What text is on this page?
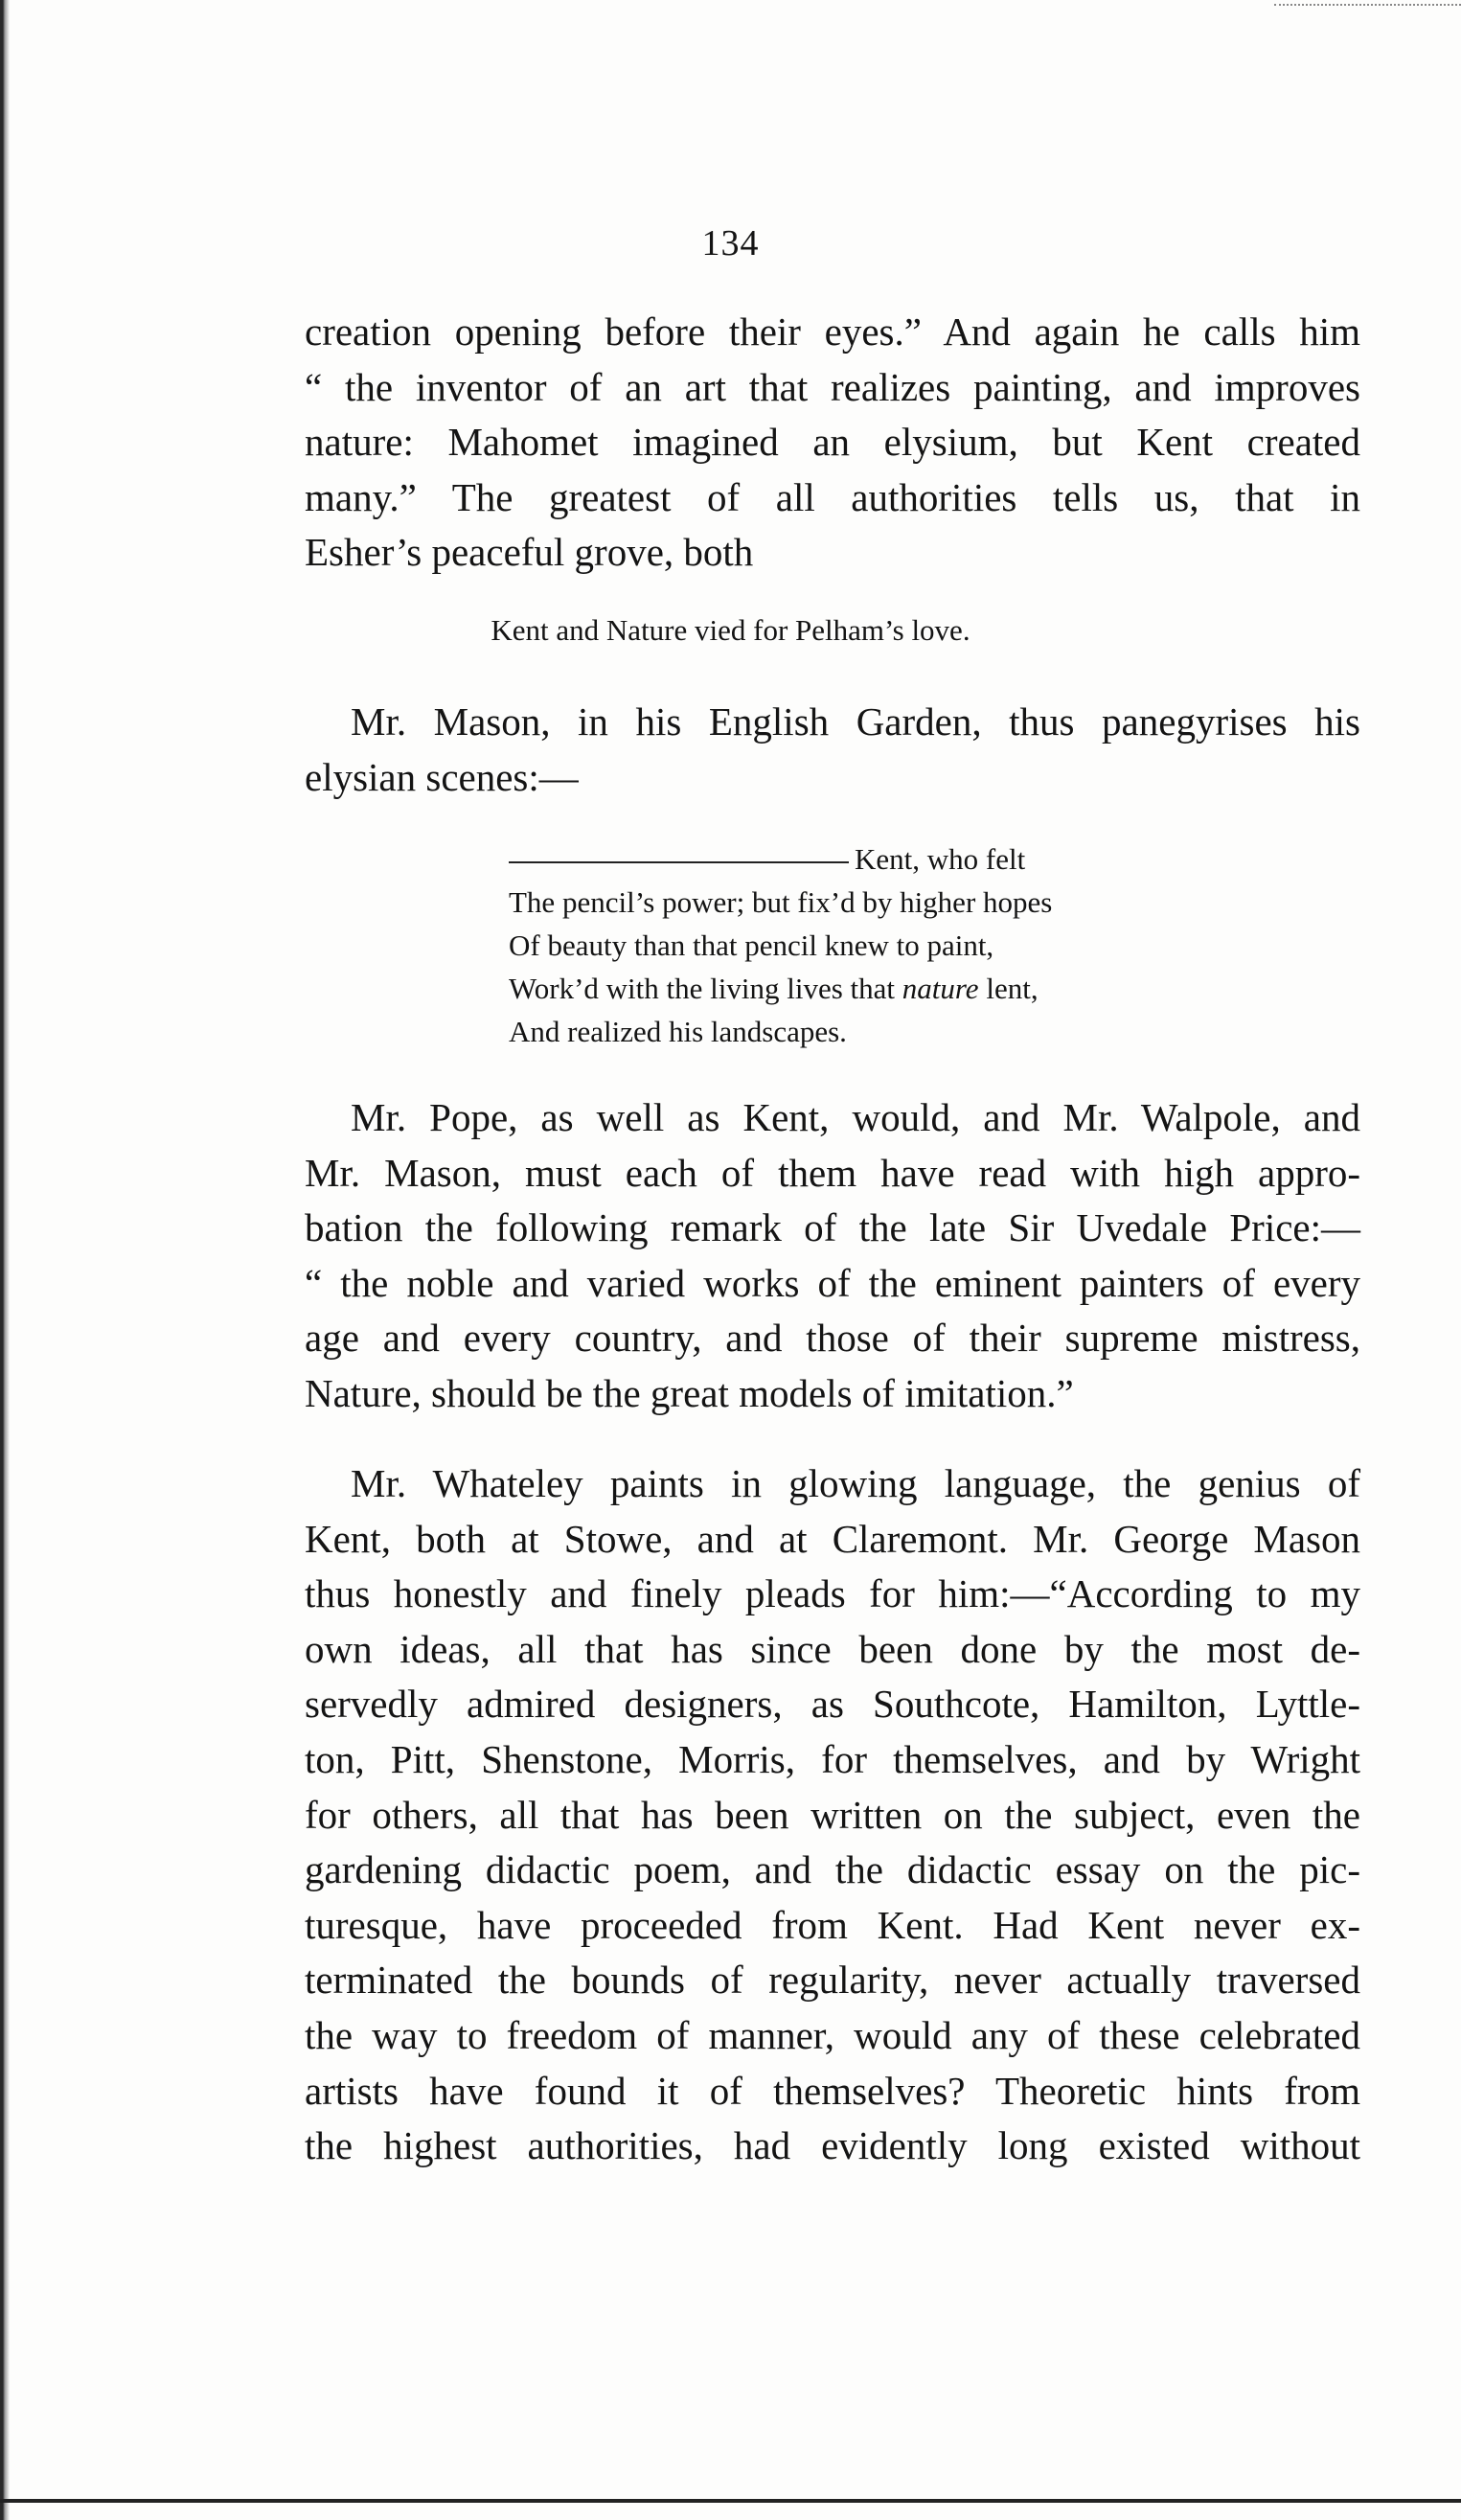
134
creation opening before their eyes.” And again he calls him
“ the inventor of an art that realizes painting, and improves
nature: Mahomet imagined an elysium, but Kent created
many.” The greatest of all authorities tells us, that in
Esher’s peaceful grove, both
Kent and Nature vied for Pelham’s love.
Mr. Mason, in his English Garden, thus panegyrises his
elysian scenes:—
Kent, who felt
The pencil’s power; but fix’d by higher hopes
Of beauty than that pencil knew to paint,
Work’d with the living lives that nature lent,
And realized his landscapes.
Mr. Pope, as well as Kent, would, and Mr. Walpole, and
Mr. Mason, must each of them have read with high appro-
bation the following remark of the late Sir Uvedale Price:—
“ the noble and varied works of the eminent painters of every
age and every country, and those of their supreme mistress,
Nature, should be the great models of imitation.”
Mr. Whateley paints in glowing language, the genius of
Kent, both at Stowe, and at Claremont. Mr. George Mason
thus honestly and finely pleads for him:—“According to my
own ideas, all that has since been done by the most de-
servedly admired designers, as Southcote, Hamilton, Lyttle-
ton, Pitt, Shenstone, Morris, for themselves, and by Wright
for others, all that has been written on the subject, even the
gardening didactic poem, and the didactic essay on the pic-
turesque, have proceeded from Kent. Had Kent never ex-
terminated the bounds of regularity, never actually traversed
the way to freedom of manner, would any of these celebrated
artists have found it of themselves? Theoretic hints from
the highest authorities, had evidently long existed without
